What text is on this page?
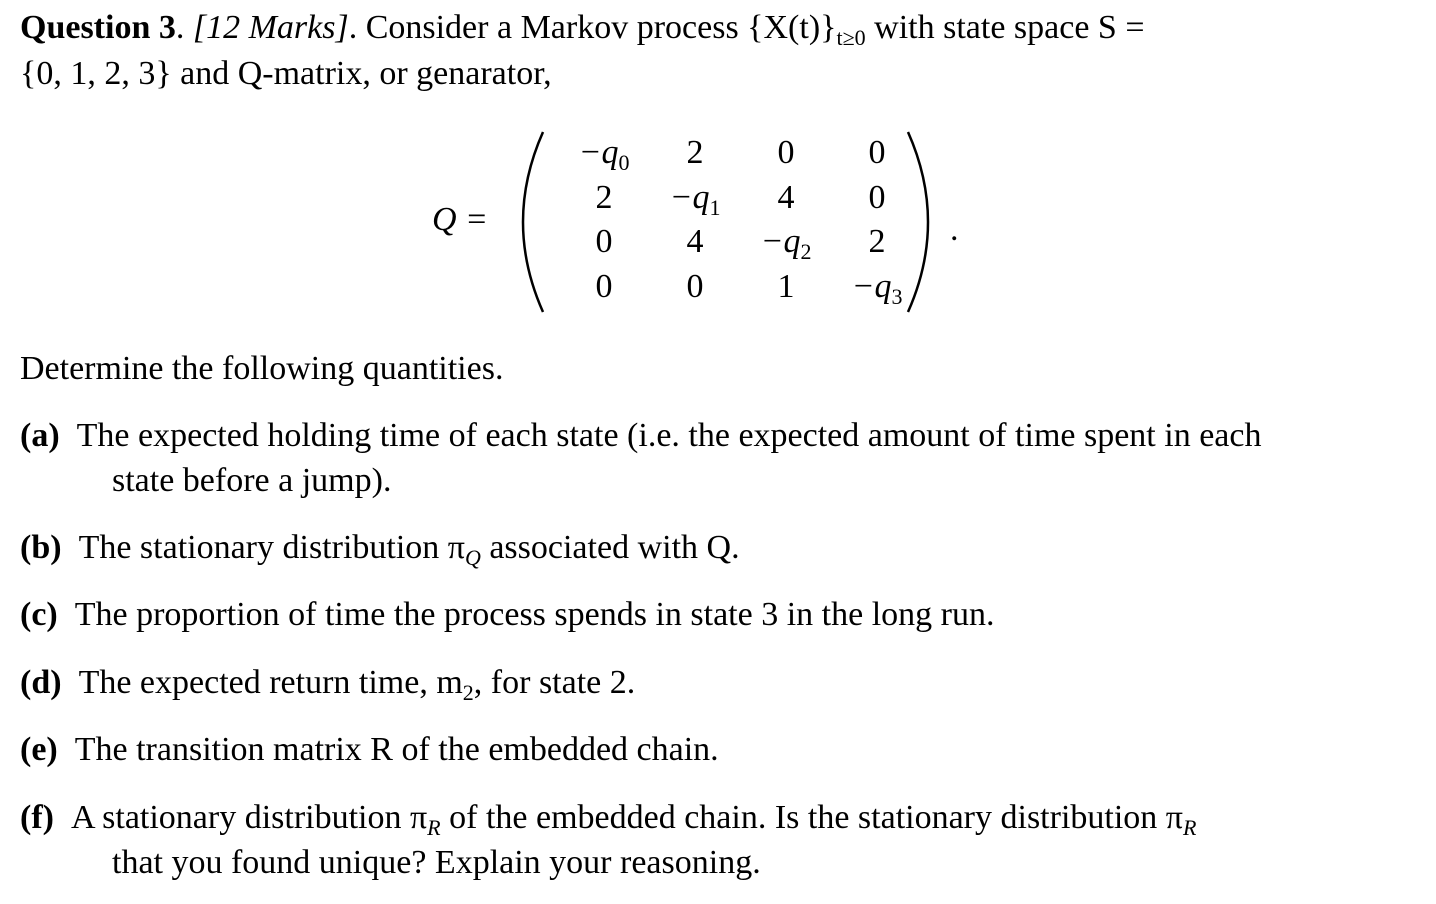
Question 3. [12 Marks]. Consider a Markov process $\{X(t)\}_{t\ge 0}$ with state space S =
{0, 1, 2, 3} and Q-matrix, or genarator,
Q =
$-q_0$	2	0	0
2	$-q_1$	4	0
0	4	$-q_2$	2
0	0	1	$-q_3$
.
Determine the following quantities.
(a) The expected holding time of each state (i.e. the expected amount of time spent in each
state before a jump).
(b) The stationary distribution $\pi_Q$ associated with Q.
(c) The proportion of time the process spends in state 3 in the long run.
(d) The expected return time, $m_2$, for state 2.
(e) The transition matrix R of the embedded chain.
(f) A stationary distribution $\pi_R$ of the embedded chain. Is the stationary distribution $\pi_R$
that you found unique? Explain your reasoning.
